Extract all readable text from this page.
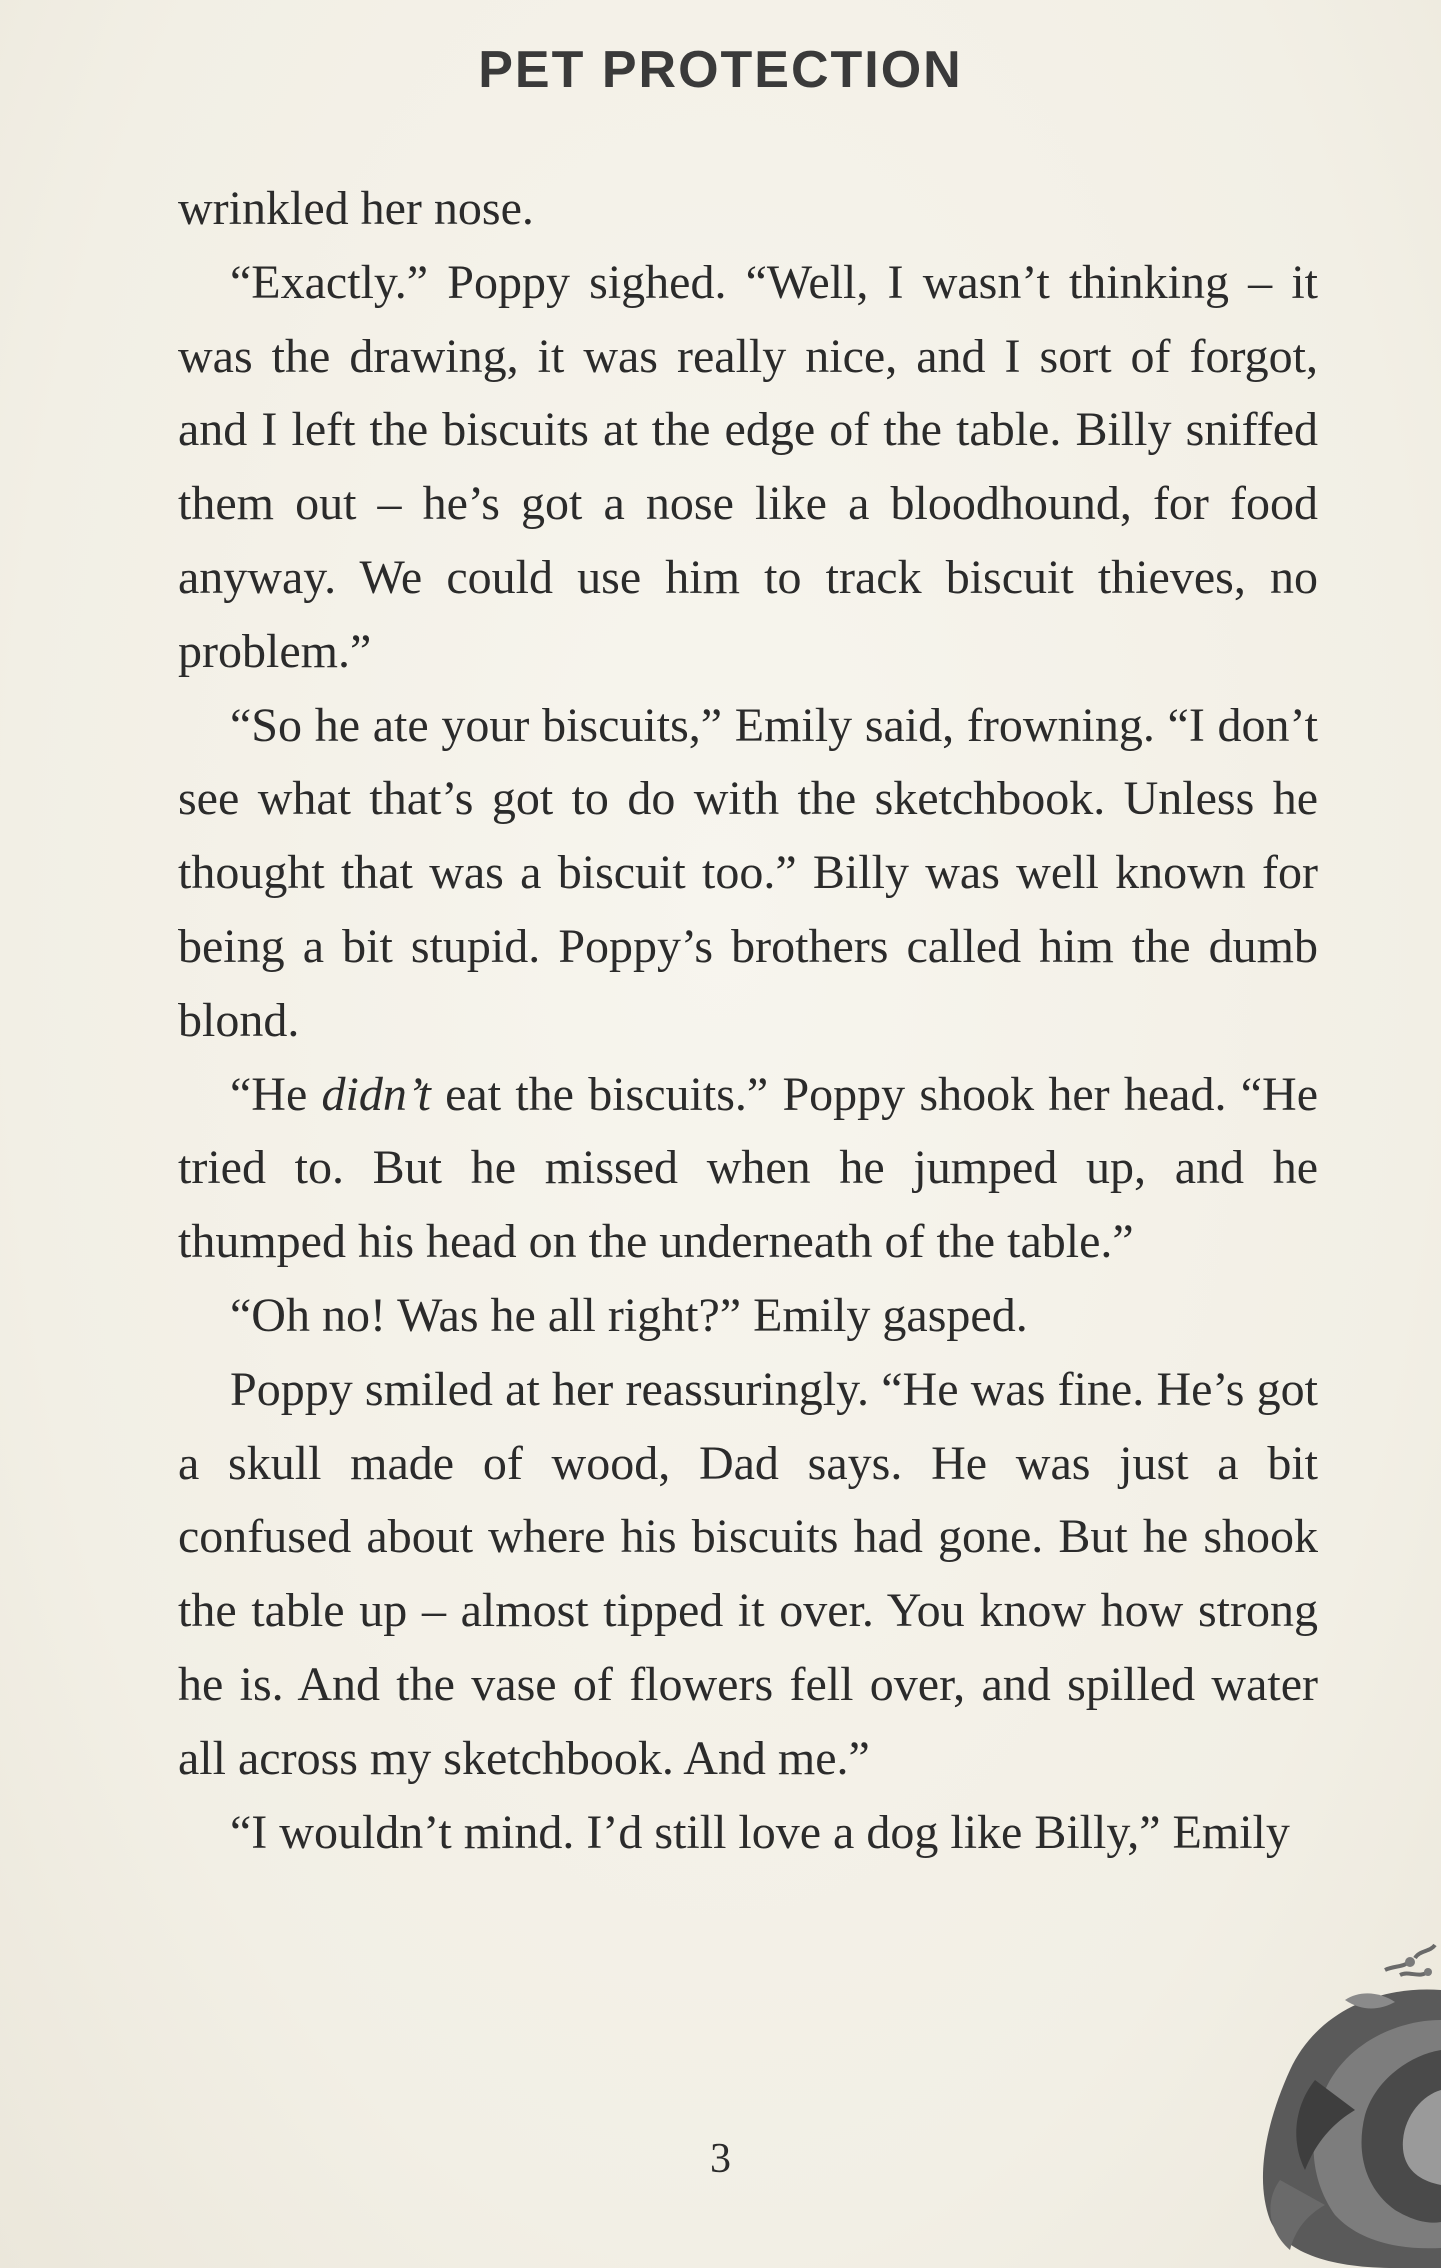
PET PROTECTION

wrinkled her nose.

“Exactly.” Poppy sighed. “Well, I wasn’t thinking – it was the drawing, it was really nice, and I sort of forgot, and I left the biscuits at the edge of the table. Billy sniffed them out – he’s got a nose like a bloodhound, for food anyway. We could use him to track biscuit thieves, no problem.”

“So he ate your biscuits,” Emily said, frowning. “I don’t see what that’s got to do with the sketchbook. Unless he thought that was a biscuit too.” Billy was well known for being a bit stupid. Poppy’s brothers called him the dumb blond.

“He didn’t eat the biscuits.” Poppy shook her head. “He tried to. But he missed when he jumped up, and he thumped his head on the underneath of the table.”

“Oh no! Was he all right?” Emily gasped.

Poppy smiled at her reassuringly. “He was fine. He’s got a skull made of wood, Dad says. He was just a bit confused about where his biscuits had gone. But he shook the table up – almost tipped it over. You know how strong he is. And the vase of flowers fell over, and spilled water all across my sketchbook. And me.”

“I wouldn’t mind. I’d still love a dog like Billy,” Emily

3
